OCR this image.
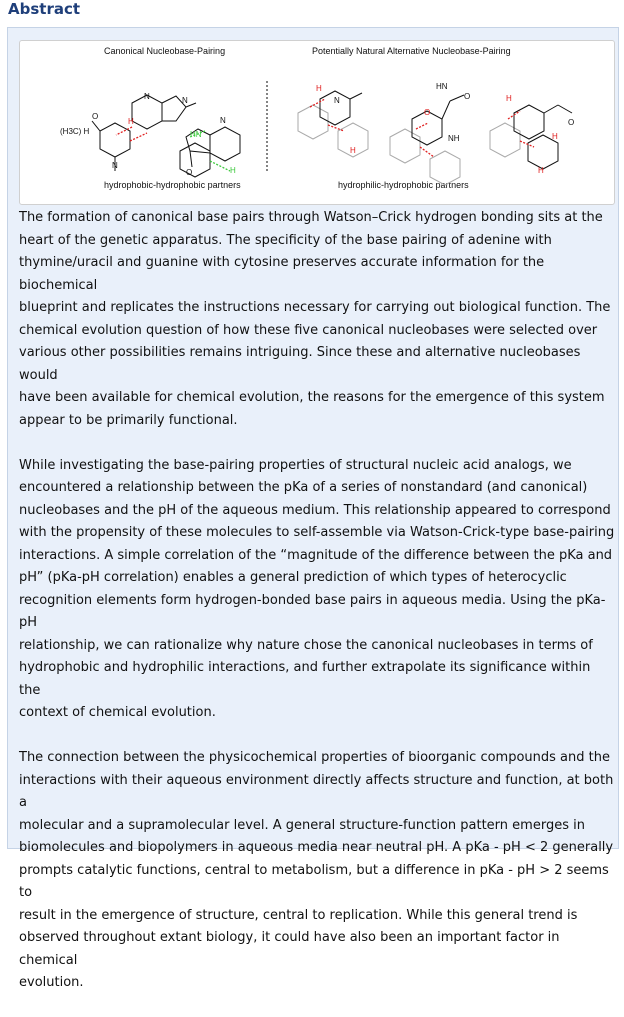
Abstract
Canonical Nucleobase-Pairing	Potentially Natural Alternative Nucleobase-Pairing
hydrophobic-hydrophobic partners	hydrophilic-hydrophobic partners
(H3C) H
N
O
N
H
N
HN
N
H
O
H
N
H
HN
O
O
NH
H
O
H
H

The formation of canonical base pairs through Watson–Crick hydrogen bonding sits at the
heart of the genetic apparatus. The specificity of the base pairing of adenine with
thymine/uracil and guanine with cytosine preserves accurate information for the biochemical
blueprint and replicates the instructions necessary for carrying out biological function. The
chemical evolution question of how these five canonical nucleobases were selected over
various other possibilities remains intriguing. Since these and alternative nucleobases would
have been available for chemical evolution, the reasons for the emergence of this system
appear to be primarily functional.

While investigating the base-pairing properties of structural nucleic acid analogs, we
encountered a relationship between the pKa of a series of nonstandard (and canonical)
nucleobases and the pH of the aqueous medium. This relationship appeared to correspond
with the propensity of these molecules to self-assemble via Watson-Crick-type base-pairing
interactions. A simple correlation of the “magnitude of the difference between the pKa and
pH” (pKa-pH correlation) enables a general prediction of which types of heterocyclic
recognition elements form hydrogen-bonded base pairs in aqueous media. Using the pKa-pH
relationship, we can rationalize why nature chose the canonical nucleobases in terms of
hydrophobic and hydrophilic interactions, and further extrapolate its significance within the
context of chemical evolution.

The connection between the physicochemical properties of bioorganic compounds and the
interactions with their aqueous environment directly affects structure and function, at both a
molecular and a supramolecular level. A general structure-function pattern emerges in
biomolecules and biopolymers in aqueous media near neutral pH. A pKa - pH < 2 generally
prompts catalytic functions, central to metabolism, but a difference in pKa - pH > 2 seems to
result in the emergence of structure, central to replication. While this general trend is
observed throughout extant biology, it could have also been an important factor in chemical
evolution.
